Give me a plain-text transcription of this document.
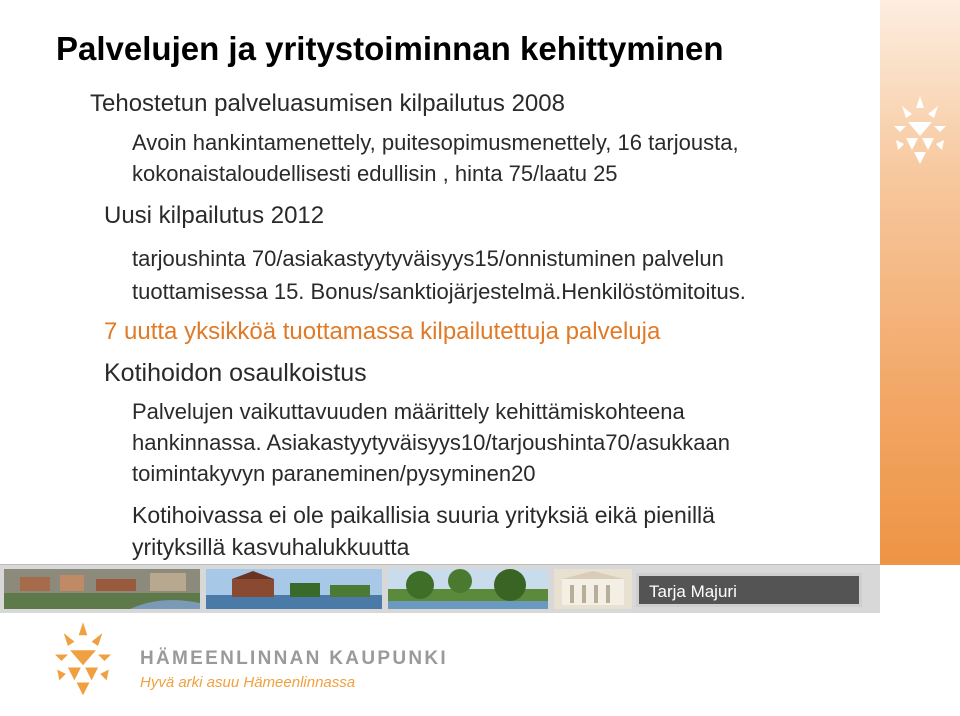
Palvelujen ja yritystoiminnan kehittyminen

Tehostetun palveluasumisen kilpailutus 2008

Avoin hankintamenettely, puitesopimusmenettely, 16 tarjousta,

kokonaistaloudellisesti edullisin , hinta 75/laatu 25

Uusi kilpailutus 2012

tarjoushinta 70/asiakastyytyväisyys15/onnistuminen palvelun

tuottamisessa 15. Bonus/sanktiojärjestelmä.Henkilöstömitoitus.

7 uutta yksikköä tuottamassa kilpailutettuja palveluja

Kotihoidon osaulkoistus

Palvelujen vaikuttavuuden määrittely kehittämiskohteena

hankinnassa. Asiakastyytyväisyys10/tarjoushinta70/asukkaan

toimintakyvyn paraneminen/pysyminen20

Kotihoivassa ei ole paikallisia suuria yrityksiä eikä pienillä

yrityksillä kasvuhalukkuutta

Tarja Majuri
HÄMEENLINNAN KAUPUNKI
Hyvä arki asuu Hämeenlinnassa
